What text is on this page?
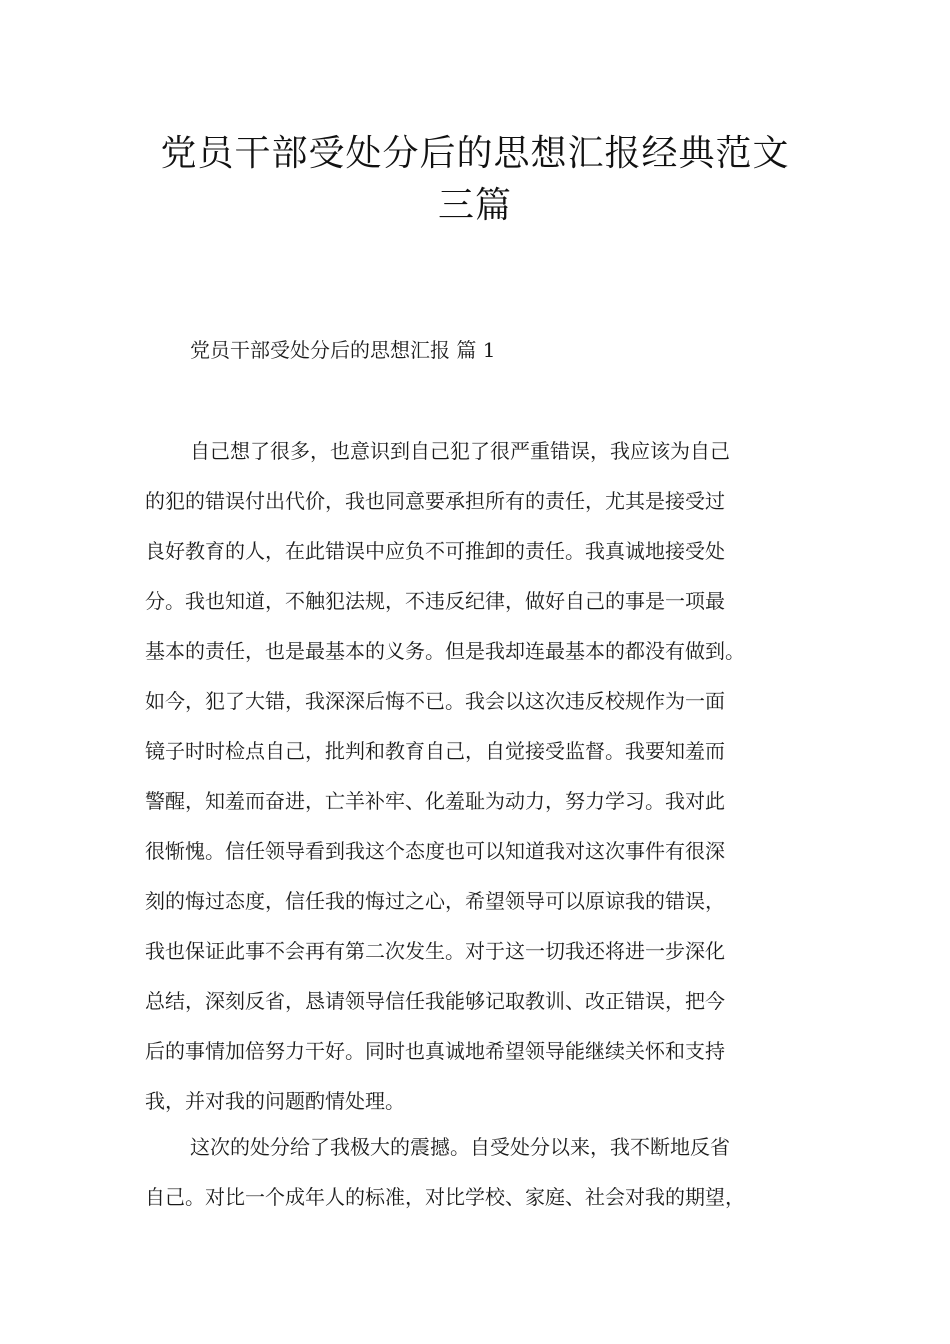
党员干部受处分后的思想汇报经典范文
三篇
党员干部受处分后的思想汇报 篇 1
自己想了很多，也意识到自己犯了很严重错误，我应该为自己
的犯的错误付出代价，我也同意要承担所有的责任，尤其是接受过
良好教育的人，在此错误中应负不可推卸的责任。我真诚地接受处
分。我也知道，不触犯法规，不违反纪律，做好自己的事是一项最
基本的责任，也是最基本的义务。但是我却连最基本的都没有做到。
如今，犯了大错，我深深后悔不已。我会以这次违反校规作为一面
镜子时时检点自己，批判和教育自己，自觉接受监督。我要知羞而
警醒，知羞而奋进，亡羊补牢、化羞耻为动力，努力学习。我对此
很惭愧。信任领导看到我这个态度也可以知道我对这次事件有很深
刻的悔过态度，信任我的悔过之心，希望领导可以原谅我的错误，
我也保证此事不会再有第二次发生。对于这一切我还将进一步深化
总结，深刻反省，恳请领导信任我能够记取教训、改正错误，把今
后的事情加倍努力干好。同时也真诚地希望领导能继续关怀和支持
我，并对我的问题酌情处理。
这次的处分给了我极大的震撼。自受处分以来，我不断地反省
自己。对比一个成年人的标准，对比学校、家庭、社会对我的期望，
